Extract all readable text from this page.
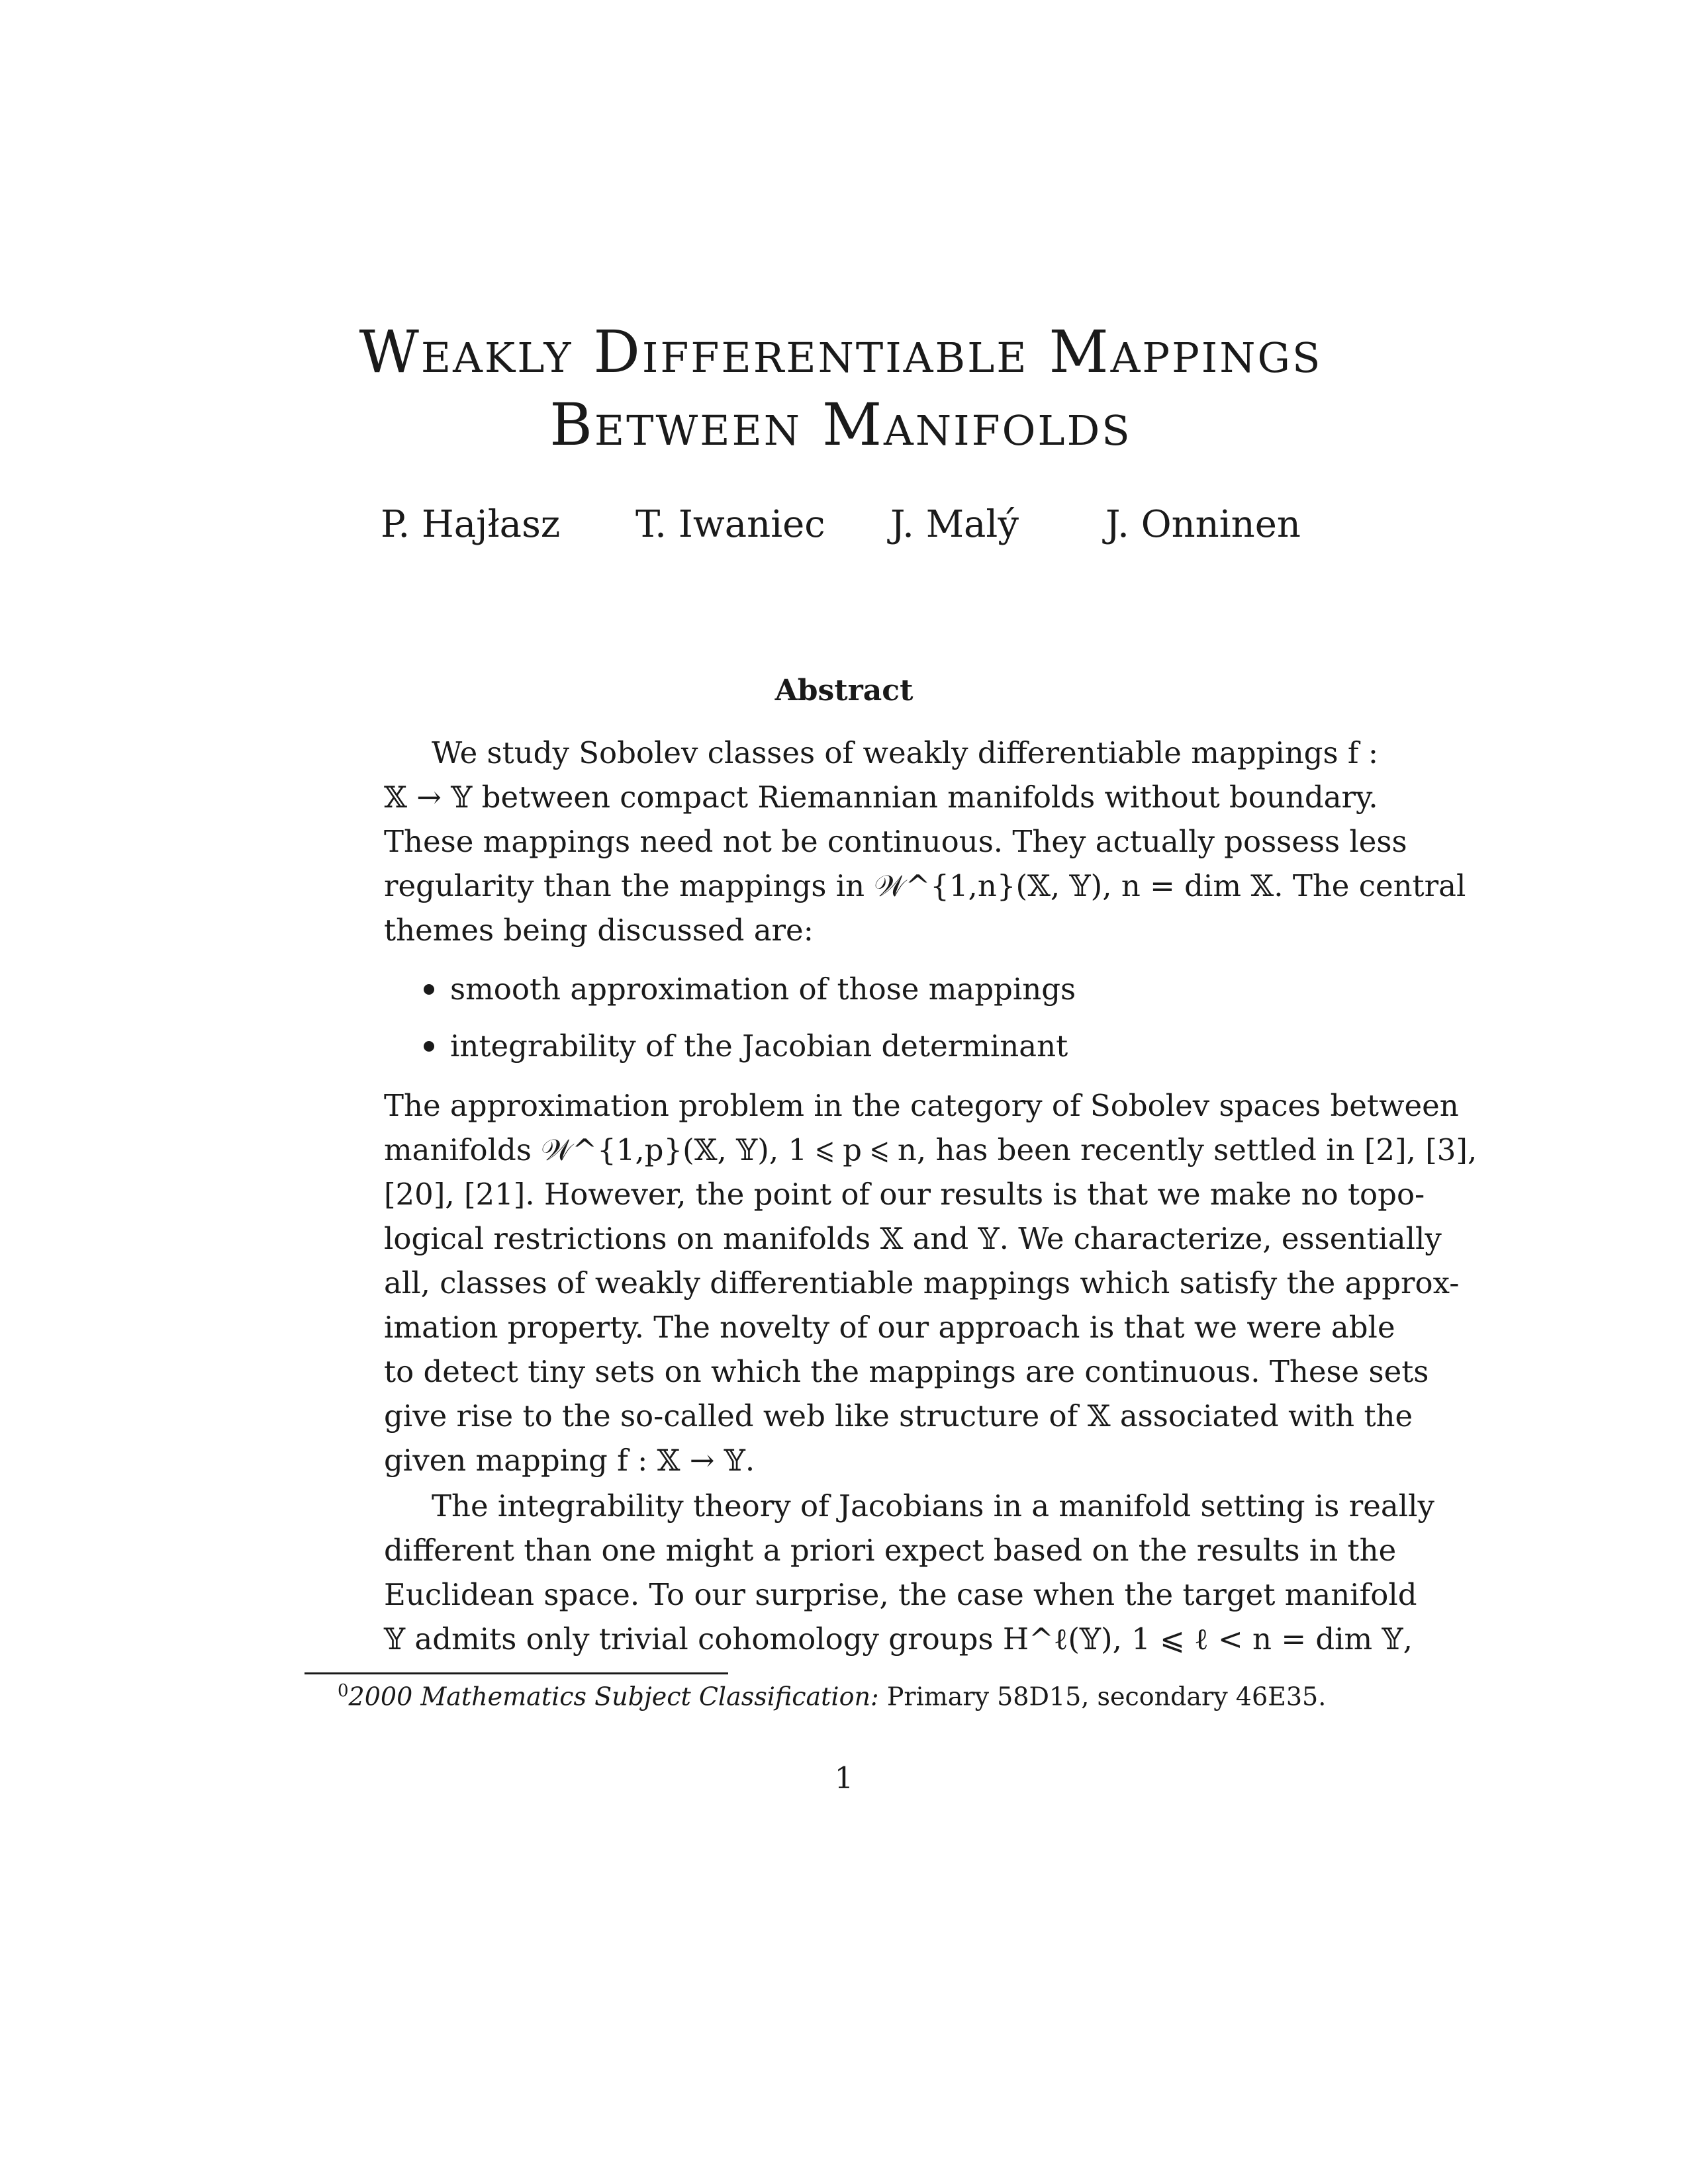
Weakly Differentiable Mappings
Between Manifolds
P. Hajłasz T. Iwaniec J. Malý J. Onninen
Abstract
We study Sobolev classes of weakly differentiable mappings f :
𝕏 → 𝕐 between compact Riemannian manifolds without boundary.
These mappings need not be continuous. They actually possess less
regularity than the mappings in 𝒲^{1,n}(𝕏, 𝕐), n = dim 𝕏. The central
themes being discussed are:
smooth approximation of those mappings
integrability of the Jacobian determinant
The approximation problem in the category of Sobolev spaces between
manifolds 𝒲^{1,p}(𝕏, 𝕐), 1 ⩽ p ⩽ n, has been recently settled in [2], [3],
[20], [21]. However, the point of our results is that we make no topo-
logical restrictions on manifolds 𝕏 and 𝕐. We characterize, essentially
all, classes of weakly differentiable mappings which satisfy the approx-
imation property. The novelty of our approach is that we were able
to detect tiny sets on which the mappings are continuous. These sets
give rise to the so-called web like structure of 𝕏 associated with the
given mapping f : 𝕏 → 𝕐.
The integrability theory of Jacobians in a manifold setting is really
different than one might a priori expect based on the results in the
Euclidean space. To our surprise, the case when the target manifold
𝕐 admits only trivial cohomology groups H^ℓ(𝕐), 1 ⩽ ℓ < n = dim 𝕐,
$^0$2000 Mathematics Subject Classification: Primary 58D15, secondary 46E35.
1
